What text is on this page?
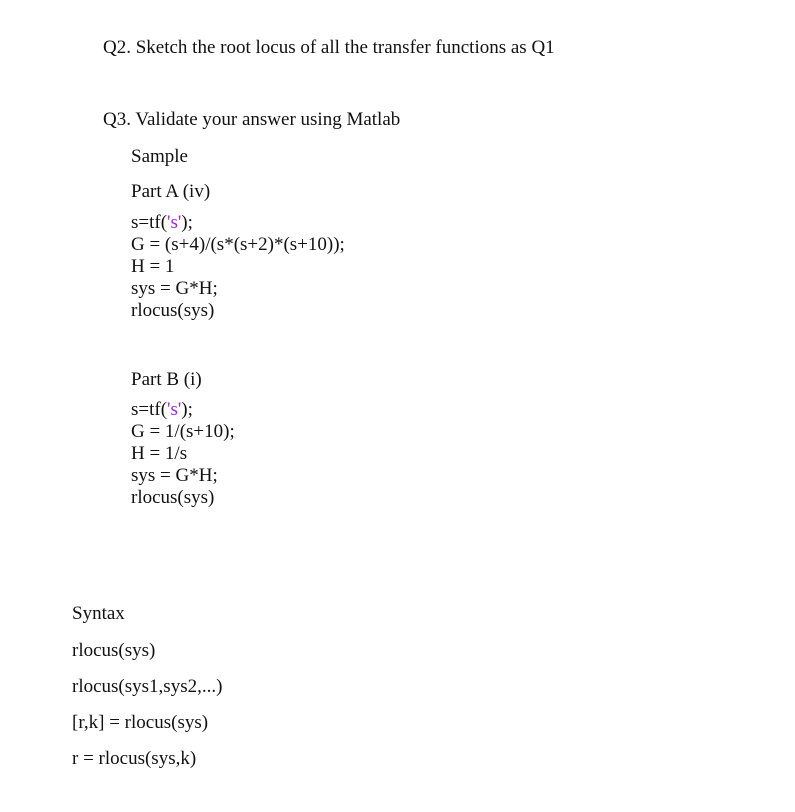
Q2. Sketch the root locus of all the transfer functions as Q1
Q3. Validate your answer using Matlab
Sample
Part A (iv)
s=tf('s');
G = (s+4)/(s*(s+2)*(s+10));
H = 1
sys = G*H;
rlocus(sys)
Part B (i)
s=tf('s');
G = 1/(s+10);
H = 1/s
sys = G*H;
rlocus(sys)
Syntax
rlocus(sys)
rlocus(sys1,sys2,...)
[r,k] = rlocus(sys)
r = rlocus(sys,k)
